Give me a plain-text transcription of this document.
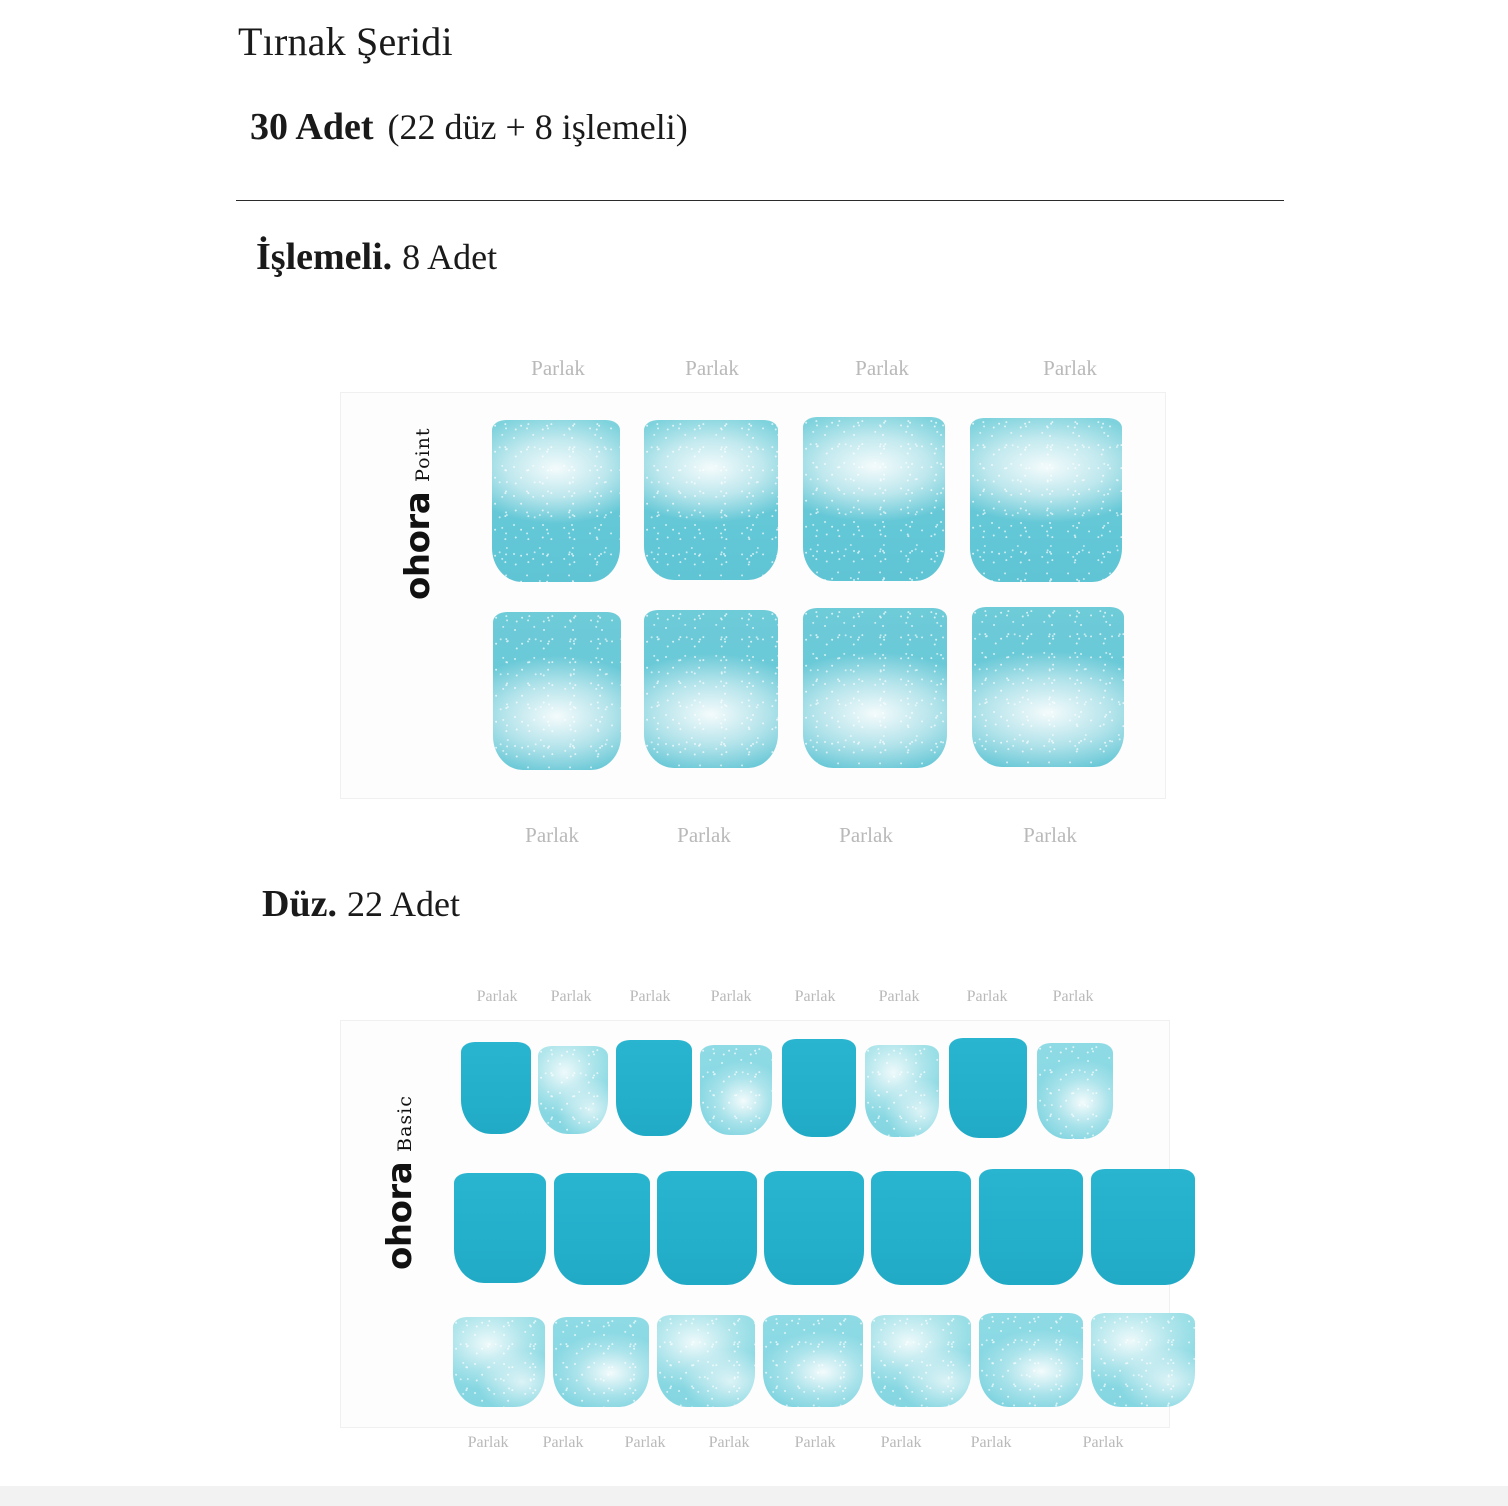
Tırnak Şeridi
30 Adet (22 düz + 8 işlemeli)
İşlemeli. 8 Adet
Parlak	Parlak	Parlak	Parlak
ohora
Point
Parlak	Parlak	Parlak	Parlak
Düz. 22 Adet
Parlak	Parlak	Parlak	Parlak	Parlak	Parlak	Parlak	Parlak
ohora
Basic
Parlak	Parlak	Parlak	Parlak	Parlak	Parlak	Parlak	Parlak
